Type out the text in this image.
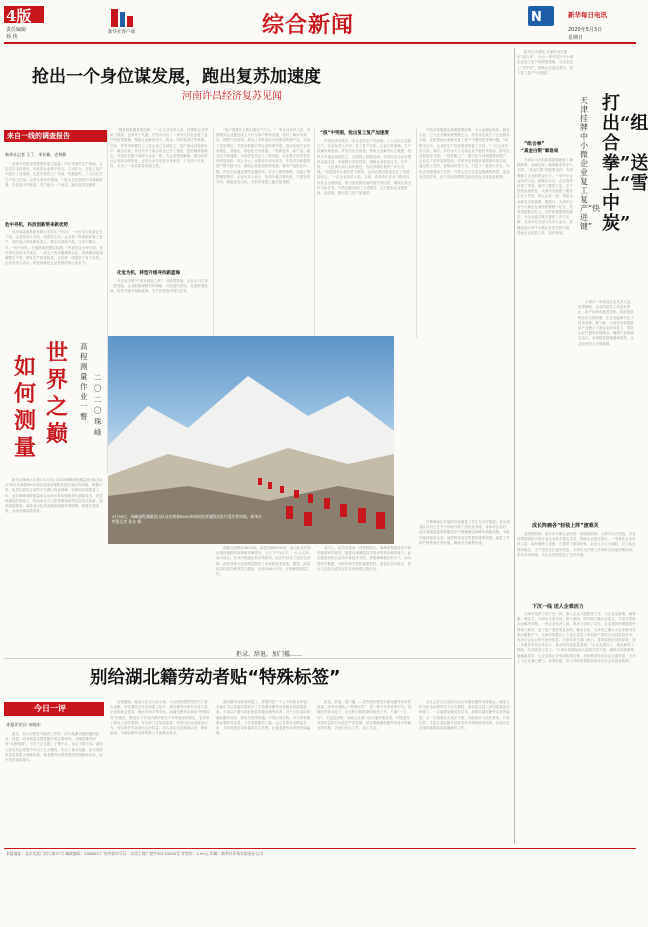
4版
责任编辑
孙 侠
新华社客户端	综合新闻	N	新华每日电讯
2020年5月3日
星期日
抢出一个身位谋发展，跑出复苏加速度
河南许昌经济复苏见闻
来自一线的调查报告
新华社记者 王丁、李亚楠、史林静
　　河南许昌是全国重要的电力装备、汽车零部件生产基地。在这次抗击疫情中，许昌的企业勇于担当，主动作为，在复工复产中跑出了加速度。走进许昌的工厂车间，机器轰鸣，工人们正在生产线上忙碌。记者在采访中看到，一批企业在危机中寻找新机遇，在变局中开新局，努力抢出一个身位，跑出复苏加速度。
危中寻机，科技创新带来新优势
　　在河南森源集团有限公司的生产车间，一台台电力装备正在下线。企业负责人介绍，疫情发生后，企业第一时间组织复工复产，同时加大科技研发投入，推出多款新产品，订单不降反升。“危中有机，关键是要把握住机遇。”许昌的企业家们说。在许昌经济技术开发区，一家生产医疗器械的企业，疫情期间迅速调整生产线，研发生产防疫物资，为抗疫一线提供了有力支持。企业负责人表示，科技创新是企业发展的核心竞争力。
　　“越是困难越是要创新。”一位企业负责人说，疫情给企业带来了挑战，也带来了机遇。许昌市出台了一系列支持企业复工复产的政策措施，帮助企业解决用工、资金、原材料供应等难题。目前，许昌市规模以上工业企业已全部复工，复产率达到较高水平。截至目前，许昌市多个重点项目已开工建设，投资额持续增长。许昌市各级干部深入企业一线，为企业排忧解难，推动经济社会发展全面恢复。这些企业在危机中育新机、于变局中开新局，走出了一条高质量发展之路。
化危为机，转型升级寻找新蓝海
　　许昌是中国“中国发制品之都”。受疫情影响，企业出口订单一度受阻。企业积极调整市场策略，开拓国内市场，发展跨境电商，转型升级寻找新蓝海，生产经营逐步回归正常。
　　“客户需要什么我们就生产什么。”一家企业负责人说，疫情期间企业通过线上平台与客户保持沟通，及时了解市场需求，调整产品结构，推出了多款适应市场需求的新产品，实现了逆势增长。许昌市积极引导企业转型升级，推动传统产业向高端化、智能化、绿色化方向发展。一批新技术、新产品、新业态不断涌现，为经济复苏注入了新动能。企业数字化转型步伐明显加快，线上办公、远程协作成为常态。许昌市还积极搭建产销对接平台，帮助企业拓展销售渠道，解决产品积压问题。许多企业通过网络直播带货，打开了新的销路，实现了销售额的增长。企业负责人表示，危机中蕴含着转机，只要找准方向，就能化危为机，在新的赛道上跑出加速度。
“疫”中突围，抢出复工复产加速度
　　许昌经济开发区一家企业的生产车间里，工人们正在加紧生产。企业负责人介绍，复工复产以来，企业订单饱满，生产线满负荷运转。许昌市出台措施，帮助企业解决用工难题，组织专车接送返岗员工，开展线上招聘活动。许昌市还为企业提供金融支持，协调银行发放贷款，缓解企业资金压力。在许昌，一大批重点项目加快推进，为经济增长提供了有力支撑。“疫情没有让我们停下脚步，反而让我们更加坚定了发展的信心。”一位企业负责人说。当前，许昌市正在全力推动经济社会全面恢复，努力把疫情造成的损失补回来，确保完成全年目标任务。许昌各级各部门主动服务，全力帮助企业抢时间、抢进度，跑出复工复产加速度。
　　许昌市积极落实减税降费政策，为企业减轻负担。截至目前，已为企业减免税费数亿元。许昌市还设立了企业服务专班，及时帮助企业解决复工复产中遇到的各种问题。“政策出台后，企业的生产经营很快恢复了正常。”一位企业负责人说。同时，许昌市大力支持企业开展技术改造，推动企业智能化升级。一批智能工厂、数字化车间相继建成投产，企业生产效率显著提高。许昌市还积极开展招商引资活动，通过网上签约、视频洽谈等方式，引进了一批重大项目，为经济发展增添了后劲。许昌人民正以更加饱满的热情、更加务实的作风，奋力夺取疫情防控和经济社会发展双胜利。
　　新华社天津电 天津市近日推出“组合拳”，出台一系列支持中小微企业复工复产的政策措施，为企业送上“雪中炭”，帮助企业渡过难关，按下复工复产“快进键”。
“组合拳”
“真金白银”解急局
打出“组合拳”送上“雪中炭”
天津挂牌中小微企业复工复产“快进键”
　　天津市出台的政策措施涵盖了减税降费、金融支持、稳岗就业等多个方面。“真金白银”的政策支持，有效缓解了企业的资金压力。一家中小企业负责人说，政策出台后，企业很快获得了贷款，解决了燃眉之急，生产经营迅速恢复。天津市还组建了服务企业工作组，深入企业一线，帮助企业解决实际困难。据统计，天津市已为中小微企业减免税费数十亿元，发放贷款数百亿元。这些政策措施的落实，为企业渡过难关提供了有力支撑。天津市有关部门负责人表示，将继续加大对中小微企业的支持力度，帮助企业轻装上阵、加快发展。
　　天津市一家科技企业负责人说，疫情期间，企业的研发工作没有停止，新产品研发进度加快。政府提供的各项支持政策，让企业能够专注于技术创新。据了解，天津市还积极推动产业链上下游企业协同复工，帮助企业打通供应链堵点，确保产业链稳定运行。各项政策措施落地见效，企业发展信心不断增强。
成长阵痛各“轻装上阵”渡难关
　　受疫情影响，部分中小微企业经营一度面临困难。天津市出台措施，对受疫情影响较大的行业企业给予重点支持，帮助企业渡过难关。一家餐饮企业负责人说，政府减免了房租，还提供了稳岗补贴，企业压力大大减轻，员工队伍保持稳定，生产经营正在逐步恢复。天津市还开展了多种形式的促消费活动，带动市场回暖，为企业发展创造了良好环境。
下沉一线 送人企难活力
　　天津市组织干部下沉一线，深入企业开展帮扶工作，为企业送政策、解难题、增活力。干部们走进车间、深入班组，面对面了解企业需求，手把手帮助企业解决问题。一家企业负责人说，帮扶干部来了以后，企业遇到的难题很快得到了解决，复工复产进度明显加快。截至目前，天津市已累计为企业解决各类问题数千个。天津市规模以上工业企业复工率和复产率均已达到较高水平，经济社会运行秩序加快恢复。天津市有关部门表示，将持续优化营商环境，进一步激发市场主体活力，推动经济高质量发展。“企业发展好了，就业就有了保障，经济就有了活力。”天津市将继续加大政策支持力度，确保各项政策措施落地见效，让企业真正享受到政策红利，加快推动经济社会全面恢复。全市上下正在凝心聚力、奋勇前进，努力夺取疫情防控和经济社会发展双胜利。
世界之巅
如何测量
高程测量作业一瞥
二〇二〇 珠峰
　　新华社珠峰大本营5月2日电 2020珠峰高程测量登山队员4月30日在海拔6500米的前进营地附近进行适应性训练。根据计划，队员们将在合适的天气窗口冲顶珠峰，在峰顶开展测量工作。此次珠峰高程测量综合运用多种传统和现代测绘技术，在传统测量的基础上，将运用北斗卫星导航系统等先进技术装备，提高测量精度。测量登山队员克服高寒缺氧等困难，积极开展训练，为冲顶测量做准备。
4月30日，珠峰高程测量登山队员在海拔6500米的前进营地附近进行适应性训练。新华社特派记者 孙非 摄
　　西藏点高程站5800米，前进营地6500米，登山队员们将沿着传统路线向珠峰顶峰进发。当天下午3点半，一行人走向冰川前沿。在冰川的融化和冰塔林里，队员们完成了适应性训练。此次训练为登顶测量做好了身体和技术准备。据悉，测量队员们将在峰顶竖立觇标，安装GNSS天线，开展峰顶测量工作。
　　冰川上，队员们排成一列缓缓前行。珠峰高程测量对于推动地球科学研究、推进全球测绘技术进步等具有重要意义。此次测量将综合运用多种技术手段，获取珠峰地区的大气、冰川等科学数据，为科学研究提供重要资料。测量队员们表示，将全力以赴完成好这次光荣而艰巨的任务。
　　在珠峰地区开展的各项测量工作正在有序推进。登山测量队员们已在多个营地开展了适应性训练，身体状态良好。此次高程测量的数据将用于精确测定珠峰的最新高程，为研究地球板块运动、地质构造变化等提供重要依据。测量工作将严格按照计划开展，确保安全顺利完成。
拒录、辞退、加门槛……
别给湖北籍劳动者贴“特殊标签”
今日一评
本报评论员 宋晓东
　　最近，有人反映在外地找工作时，因为是湖北籍而遭到拒录、辞退，或者被要求提供额外的证明材料。对湖北籍劳动者“另眼相看”，不仅于法无据，于理不合，而且于情不容。湖北人民在抗击疫情中付出了巨大牺牲，作出了重大贡献。如今疫情防控取得重大战略成果，湖北籍劳动者需要的是理解和支持，而不是歧视和排斥。
　　疫情期间，湖北人民以大局为重，为全国疫情防控作出了重大贡献。现在湖北已经全面复工复产，湖北籍劳动者外出务工是正常的就业需求，理应得到平等对待。给湖北籍劳动者贴“特殊标签”的做法，既违反了劳动法律法规关于平等就业的规定，也伤害了湖北人民的感情。有关部门应加强监管，坚决纠正此类歧视行为，切实维护劳动者的合法权益。用人单位也应提高认识，摒弃偏见，为湖北籍劳动者提供公平的就业机会。
　　湖北籍劳动者返岗复工，需要的是一个公平的就业环境。各地应当认真落实国家关于支持湖北籍劳动者就业的政策措施，不得以户籍为由拒绝招用湖北籍劳动者。对于已经返岗的湖北籍劳动者，要给予同等待遇，不得区别对待。对于持有健康证明的劳动者，不应设置额外门槛。社会各界应当携起手来，共同营造包容和谐的社会氛围，让湖北籍劳动者感受到温暖。
　　拒录、辞退、加门槛……这些做法都是对湖北籍劳动者的歧视。给劳动者贴上“特殊标签”，是一种不负责任的行为。疫情防控常态化下，应当科学精准做好防控工作，不搞“一刀切”，不层层加码。各地人社部门应开通举报渠道，对侵害劳动者权益的行为依法严肃处理，切实保障湖北籍劳动者平等就业的权利，让他们安心工作、放心生活。
　　全社会应当以实际行动支持湖北籍劳动者就业。湖北人民为抗击疫情作出了巨大牺牲，现在是全国人民回报湖北的时候了。一方面要加强宣传引导，消除对湖北籍劳动者的偏见；另一方面要加大执法力度，对歧视行为依法查处。只有这样，才能让湖北籍劳动者享有平等就业的权利，让他们在全国各地都能找到满意的工作。
本报地址：北京宣武门西大街57号 邮政编码：100803 广告经营许可证：京西工商广登字20170050号 零售价：1.50元 印刷：新华社印务有限责任公司
